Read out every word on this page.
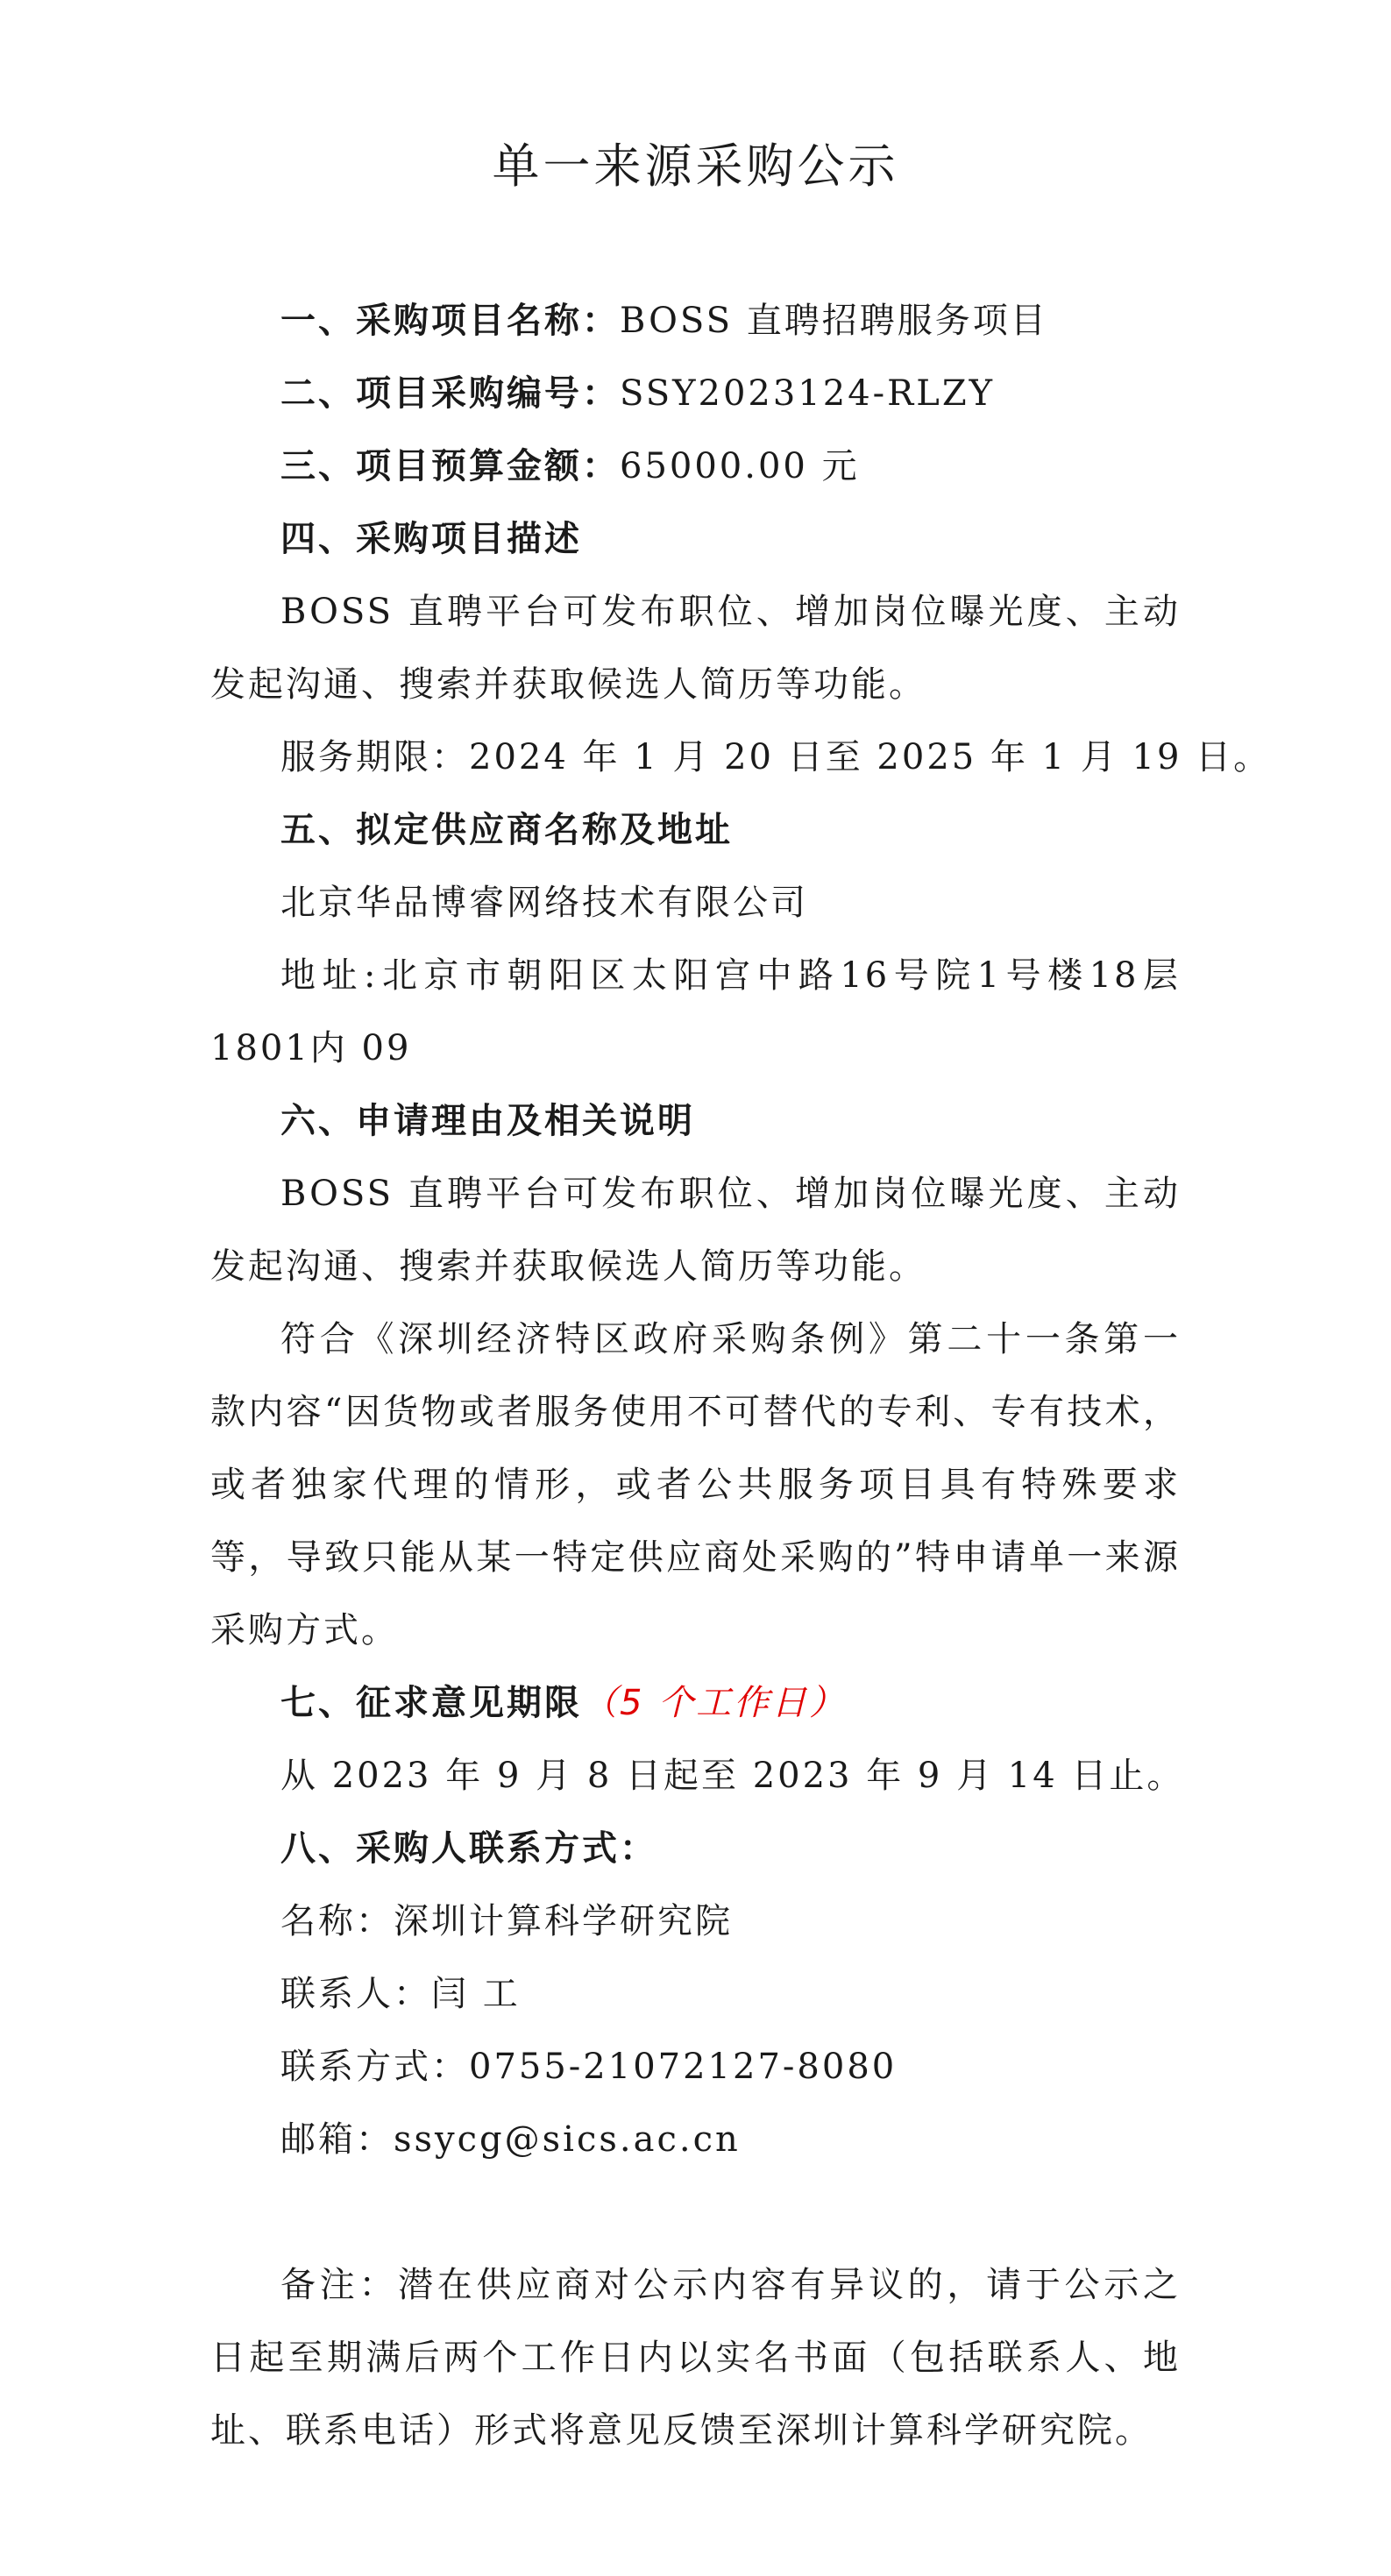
单一来源采购公示

一、采购项目名称：BOSS 直聘招聘服务项目

二、项目采购编号：SSY2023124-RLZY

三、项目预算金额：65000.00 元

四、采购项目描述

BOSS 直聘平台可发布职位、增加岗位曝光度、主动发起沟通、搜索并获取候选人简历等功能。

服务期限：2024 年 1 月 20 日至 2025 年 1 月 19 日。

五、拟定供应商名称及地址

北京华品博睿网络技术有限公司

地址:北京市朝阳区太阳宫中路16号院1号楼18层1801内 09

六、申请理由及相关说明

BOSS 直聘平台可发布职位、增加岗位曝光度、主动发起沟通、搜索并获取候选人简历等功能。

符合《深圳经济特区政府采购条例》第二十一条第一款内容“因货物或者服务使用不可替代的专利、专有技术，或者独家代理的情形，或者公共服务项目具有特殊要求等，导致只能从某一特定供应商处采购的”特申请单一来源采购方式。

七、征求意见期限（5 个工作日）

从 2023 年 9 月 8 日起至 2023 年 9 月 14 日止。

八、采购人联系方式：

名称：深圳计算科学研究院

联系人：闫 工

联系方式：0755-21072127-8080

邮箱：ssycg@sics.ac.cn

备注：潜在供应商对公示内容有异议的，请于公示之日起至期满后两个工作日内以实名书面（包括联系人、地址、联系电话）形式将意见反馈至深圳计算科学研究院。
